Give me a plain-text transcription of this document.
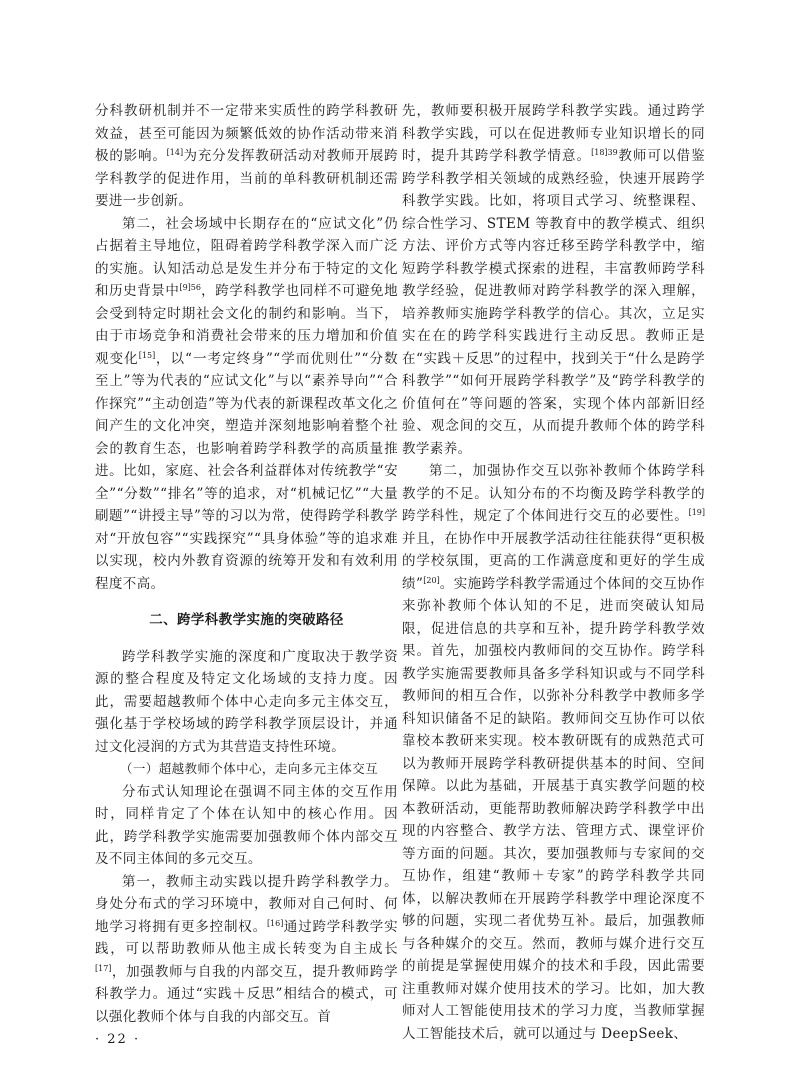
分科教研机制并不一定带来实质性的跨学科教研效益，甚至可能因为频繁低效的协作活动带来消极的影响。[14]为充分发挥教研活动对教师开展跨学科教学的促进作用，当前的单科教研机制还需要进一步创新。

第二，社会场域中长期存在的“应试文化”仍占据着主导地位，阻碍着跨学科教学深入而广泛的实施。认知活动总是发生并分布于特定的文化和历史背景中$^{[9]56}$，跨学科教学也同样不可避免地会受到特定时期社会文化的制约和影响。当下，由于市场竞争和消费社会带来的压力增加和价值观变化[15]，以“一考定终身”“学而优则仕”“分数至上”等为代表的“应试文化”与以“素养导向”“合作探究”“主动创造”等为代表的新课程改革文化之间产生的文化冲突，塑造并深刻地影响着整个社会的教育生态，也影响着跨学科教学的高质量推进。比如，家庭、社会各利益群体对传统教学“安全”“分数”“排名”等的追求，对“机械记忆”“大量刷题”“讲授主导”等的习以为常，使得跨学科教学对“开放包容”“实践探究”“具身体验”等的追求难以实现，校内外教育资源的统筹开发和有效利用程度不高。

二、跨学科教学实施的突破路径

跨学科教学实施的深度和广度取决于教学资源的整合程度及特定文化场域的支持力度。因此，需要超越教师个体中心走向多元主体交互，强化基于学校场域的跨学科教学顶层设计，并通过文化浸润的方式为其营造支持性环境。

（一）超越教师个体中心，走向多元主体交互

分布式认知理论在强调不同主体的交互作用时，同样肯定了个体在认知中的核心作用。因此，跨学科教学实施需要加强教师个体内部交互及不同主体间的多元交互。

第一，教师主动实践以提升跨学科教学力。身处分布式的学习环境中，教师对自己何时、何地学习将拥有更多控制权。[16]通过跨学科教学实践，可以帮助教师从他主成长转变为自主成长[17]，加强教师与自我的内部交互，提升教师跨学科教学力。通过“实践＋反思”相结合的模式，可以强化教师个体与自我的内部交互。首

先，教师要积极开展跨学科教学实践。通过跨学科教学实践，可以在促进教师专业知识增长的同时，提升其跨学科教学情意。$^{[18]39}$教师可以借鉴跨学科教学相关领域的成熟经验，快速开展跨学科教学实践。比如，将项目式学习、统整课程、综合性学习、STEM 等教育中的教学模式、组织方法、评价方式等内容迁移至跨学科教学中，缩短跨学科教学模式探索的进程，丰富教师跨学科教学经验，促进教师对跨学科教学的深入理解，培养教师实施跨学科教学的信心。其次，立足实实在在的跨学科实践进行主动反思。教师正是在“实践＋反思”的过程中，找到关于“什么是跨学科教学”“如何开展跨学科教学”及“跨学科教学的价值何在”等问题的答案，实现个体内部新旧经验、观念间的交互，从而提升教师个体的跨学科教学素养。

第二，加强协作交互以弥补教师个体跨学科教学的不足。认知分布的不均衡及跨学科教学的跨学科性，规定了个体间进行交互的必要性。[19]并且，在协作中开展教学活动往往能获得“更积极的学校氛围，更高的工作满意度和更好的学生成绩”[20]。实施跨学科教学需通过个体间的交互协作来弥补教师个体认知的不足，进而突破认知局限，促进信息的共享和互补，提升跨学科教学效果。首先，加强校内教师间的交互协作。跨学科教学实施需要教师具备多学科知识或与不同学科教师间的相互合作，以弥补分科教学中教师多学科知识储备不足的缺陷。教师间交互协作可以依靠校本教研来实现。校本教研既有的成熟范式可以为教师开展跨学科教研提供基本的时间、空间保障。以此为基础，开展基于真实教学问题的校本教研活动，更能帮助教师解决跨学科教学中出现的内容整合、教学方法、管理方式、课堂评价等方面的问题。其次，要加强教师与专家间的交互协作，组建“教师＋专家”的跨学科教学共同体，以解决教师在开展跨学科教学中理论深度不够的问题，实现二者优势互补。最后，加强教师与各种媒介的交互。然而，教师与媒介进行交互的前提是掌握使用媒介的技术和手段，因此需要注重教师对媒介使用技术的学习。比如，加大教师对人工智能使用技术的学习力度，当教师掌握人工智能技术后，就可以通过与 DeepSeek、

· 22 ·
